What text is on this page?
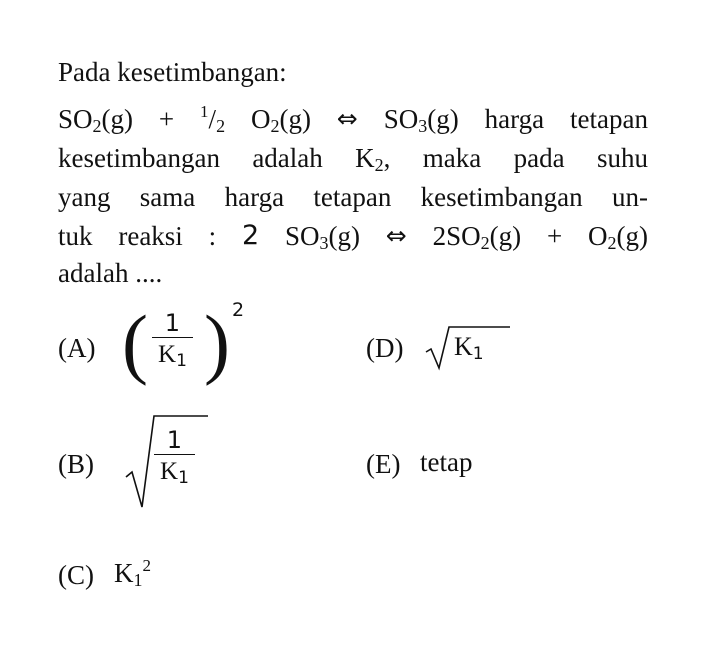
Pada kesetimbangan:
$SO_2(g) + ^1/_2$ $O_2(g)$ ⇔ $SO_3(g)$ harga tetapan
kesetimbangan adalah $K_2$, maka pada suhu
yang sama harga tetapan kesetimbangan un-
tuk reaksi : 2 $SO_3(g)$ ⇔ $2SO_2(g) + O_2(g)$
adalah ....
(A) ( $\frac{1}{K1}$ ) 2
(D) K1
(B)	$\frac{1}{K1}$	(E) tetap
(C) $K_1^2$
